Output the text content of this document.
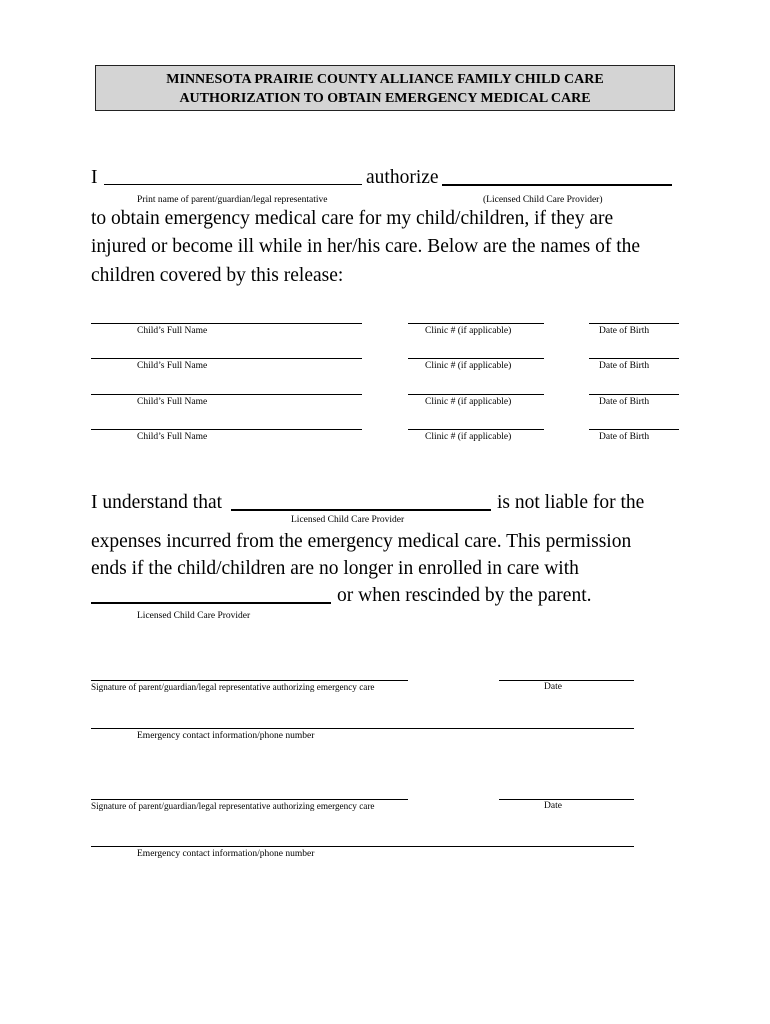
MINNESOTA PRAIRIE COUNTY ALLIANCE FAMILY CHILD CARE
AUTHORIZATION TO OBTAIN EMERGENCY MEDICAL CARE
I	authorize
Print name of parent/guardian/legal representative	(Licensed Child Care Provider)
to obtain emergency medical care for my child/children, if they are
injured or become ill while in her/his care. Below are the names of the
children covered by this release:
Child’s Full Name	Clinic # (if applicable)	Date of Birth
Child’s Full Name	Clinic # (if applicable)	Date of Birth
Child’s Full Name	Clinic # (if applicable)	Date of Birth
Child’s Full Name	Clinic # (if applicable)	Date of Birth
I understand that	is not liable for the
Licensed Child Care Provider
expenses incurred from the emergency medical care. This permission
ends if the child/children are no longer in enrolled in care with
or when rescinded by the parent.
Licensed Child Care Provider
Signature of parent/guardian/legal representative authorizing emergency care	Date
Emergency contact information/phone number
Signature of parent/guardian/legal representative authorizing emergency care	Date
Emergency contact information/phone number
